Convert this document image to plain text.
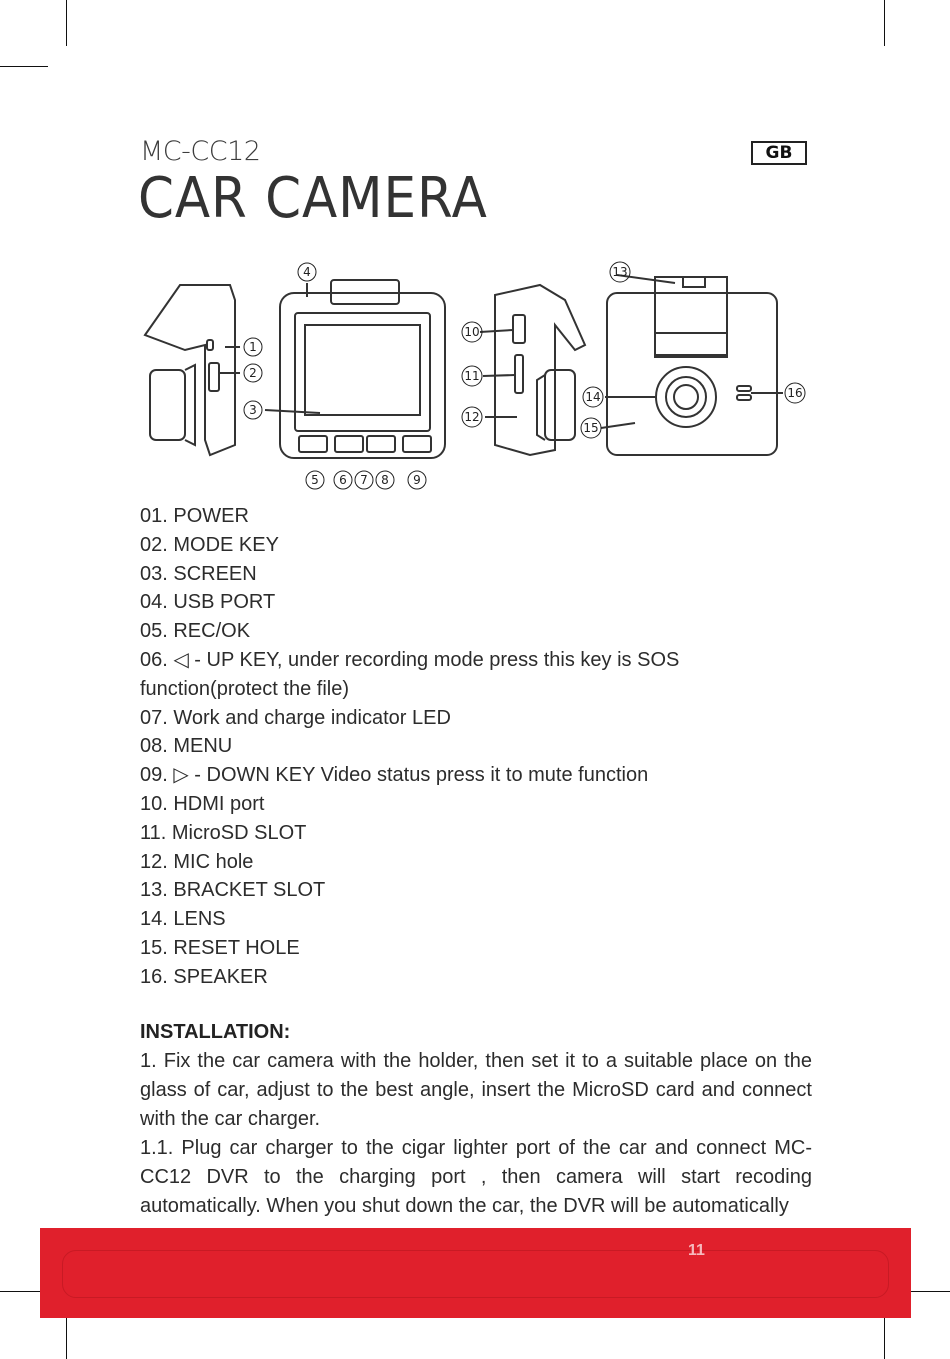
MC-CC12
CAR CAMERA
GB
1
2
3
4
5 6 7 8 9
10
11
12
13
14
15
16
01. POWER
02. MODE KEY
03. SCREEN
04. USB PORT
05. REC/OK
06. ◁ - UP KEY, under recording mode press this key is SOS function(protect the file)
07. Work and charge indicator LED
08. MENU
09. ▷ - DOWN KEY Video status press it to mute function
10. HDMI port
11. MicroSD SLOT
12. MIC hole
13. BRACKET SLOT
14. LENS
15. RESET HOLE
16. SPEAKER
INSTALLATION:

1. Fix the car camera with the holder, then set it to a suitable place on the glass of car, adjust to the best angle, insert the MicroSD card and connect with the car charger.

1.1. Plug car charger to the cigar lighter port of the car and connect MC-CC12 DVR to the charging port , then camera will start recoding automatically. When you shut down the car, the DVR will be automatically

11
